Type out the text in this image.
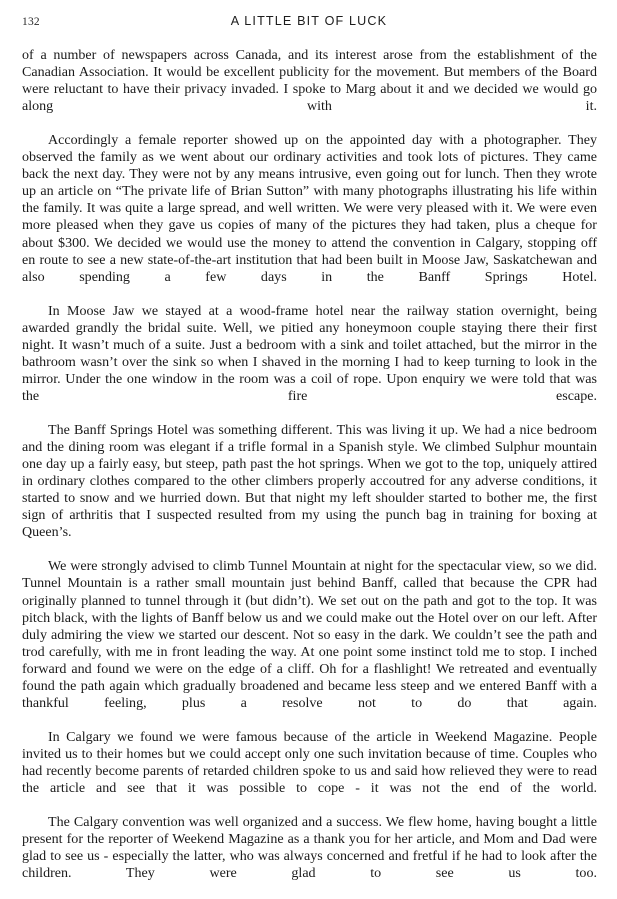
132	A LITTLE BIT OF LUCK

of a number of newspapers across Canada, and its interest arose from the establishment of the Canadian Association. It would be excellent publicity for the movement. But members of the Board were reluctant to have their privacy invaded. I spoke to Marg about it and we decided we would go along with it.

Accordingly a female reporter showed up on the appointed day with a photographer. They observed the family as we went about our ordinary activities and took lots of pictures. They came back the next day. They were not by any means intrusive, even going out for lunch. Then they wrote up an article on “The private life of Brian Sutton” with many photographs illustrating his life within the family. It was quite a large spread, and well written. We were very pleased with it. We were even more pleased when they gave us copies of many of the pictures they had taken, plus a cheque for about $300. We decided we would use the money to attend the convention in Calgary, stopping off en route to see a new state-of-the-art institution that had been built in Moose Jaw, Saskatchewan and also spending a few days in the Banff Springs Hotel.

In Moose Jaw we stayed at a wood-frame hotel near the railway station overnight, being awarded grandly the bridal suite. Well, we pitied any honeymoon couple staying there their first night. It wasn’t much of a suite. Just a bedroom with a sink and toilet attached, but the mirror in the bathroom wasn’t over the sink so when I shaved in the morning I had to keep turning to look in the mirror. Under the one window in the room was a coil of rope. Upon enquiry we were told that was the fire escape.

The Banff Springs Hotel was something different. This was living it up. We had a nice bedroom and the dining room was elegant if a trifle formal in a Spanish style. We climbed Sulphur mountain one day up a fairly easy, but steep, path past the hot springs. When we got to the top, uniquely attired in ordinary clothes compared to the other climbers properly accoutred for any adverse conditions, it started to snow and we hurried down. But that night my left shoulder started to bother me, the first sign of arthritis that I suspected resulted from my using the punch bag in training for boxing at Queen’s.

We were strongly advised to climb Tunnel Mountain at night for the spectacular view, so we did. Tunnel Mountain is a rather small mountain just behind Banff, called that because the CPR had originally planned to tunnel through it (but didn’t). We set out on the path and got to the top. It was pitch black, with the lights of Banff below us and we could make out the Hotel over on our left. After duly admiring the view we started our descent. Not so easy in the dark. We couldn’t see the path and trod carefully, with me in front leading the way. At one point some instinct told me to stop. I inched forward and found we were on the edge of a cliff. Oh for a flashlight! We retreated and eventually found the path again which gradually broadened and became less steep and we entered Banff with a thankful feeling, plus a resolve not to do that again.

In Calgary we found we were famous because of the article in Weekend Magazine. People invited us to their homes but we could accept only one such invitation because of time. Couples who had recently become parents of retarded children spoke to us and said how relieved they were to read the article and see that it was possible to cope - it was not the end of the world.

The Calgary convention was well organized and a success. We flew home, having bought a little present for the reporter of Weekend Magazine as a thank you for her article, and Mom and Dad were glad to see us - especially the latter, who was always concerned and fretful if he had to look after the children. They were glad to see us too.
